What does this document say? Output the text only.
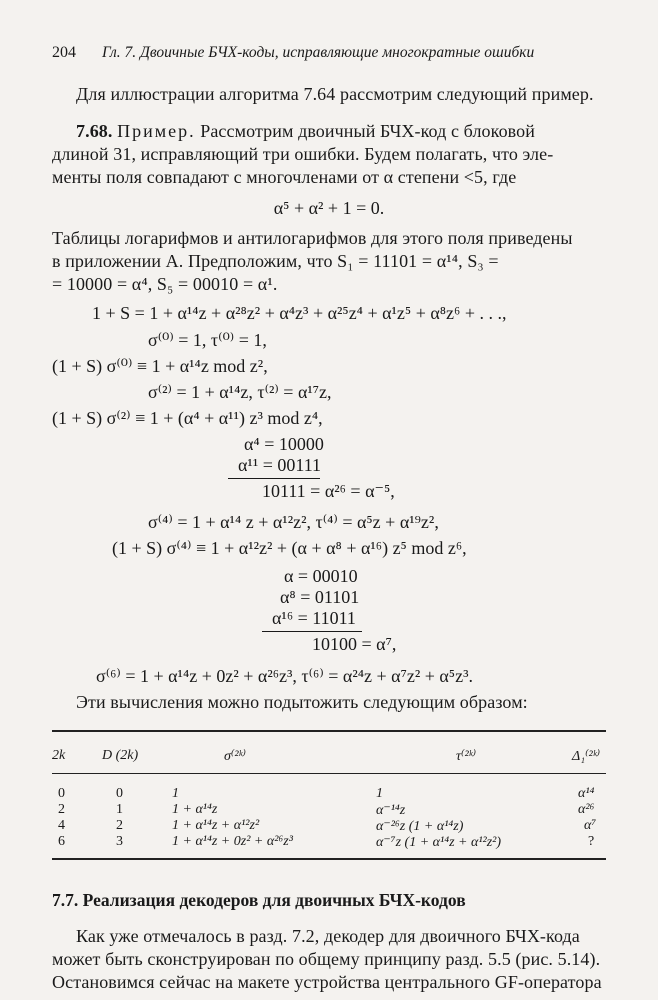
204 Гл. 7. Двоичные БЧХ-коды, исправляющие многократные ошибки
Для иллюстрации алгоритма 7.64 рассмотрим следующий пример.
7.68. Пример. Рассмотрим двоичный БЧХ-код с блоковой
длиной 31, исправляющий три ошибки. Будем полагать, что эле-
менты поля совпадают с многочленами от α степени <5, где
α⁵ + α² + 1 = 0.
Таблицы логарифмов и антилогарифмов для этого поля приведены
в приложении А. Предположим, что S₁ = 11101 = α¹⁴, S₃ =
= 10000 = α⁴, S₅ = 00010 = α¹.
1 + S = 1 + α¹⁴z + α²⁸z² + α⁴z³ + α²⁵z⁴ + α¹z⁵ + α⁸z⁶ + . . .,
σ⁽⁰⁾ = 1, τ⁽⁰⁾ = 1,
(1 + S) σ⁽⁰⁾ ≡ 1 + α¹⁴z mod z²,
σ⁽²⁾ = 1 + α¹⁴z, τ⁽²⁾ = α¹⁷z,
(1 + S) σ⁽²⁾ ≡ 1 + (α⁴ + α¹¹) z³ mod z⁴,
α⁴ = 10000
α¹¹ = 00111
10111 = α²⁶ = α⁻⁵,
σ⁽⁴⁾ = 1 + α¹⁴ z + α¹²z², τ⁽⁴⁾ = α⁵z + α¹⁹z²,
(1 + S) σ⁽⁴⁾ ≡ 1 + α¹²z² + (α + α⁸ + α¹⁶) z⁵ mod z⁶,
α = 00010
α⁸ = 01101
α¹⁶ = 11011
10100 = α⁷,
σ⁽⁶⁾ = 1 + α¹⁴z + 0z² + α²⁶z³, τ⁽⁶⁾ = α²⁴z + α⁷z² + α⁵z³.
Эти вычисления можно подытожить следующим образом:
2k	D (2k)	σ⁽²ᵏ⁾	τ⁽²ᵏ⁾	Δ₁⁽²ᵏ⁾
0	0	1	1	α¹⁴
2	1	1 + α¹⁴z	α⁻¹⁴z	α²⁶
4	2	1 + α¹⁴z + α¹²z²	α⁻²⁶z (1 + α¹⁴z)	α⁷
6	3	1 + α¹⁴z + 0z² + α²⁶z³	α⁻⁷z (1 + α¹⁴z + α¹²z²)	?
7.7. Реализация декодеров для двоичных БЧХ-кодов
Как уже отмечалось в разд. 7.2, декодер для двоичного БЧХ-кода
может быть сконструирован по общему принципу разд. 5.5 (рис. 5.14).
Остановимся сейчас на макете устройства центрального GF-оператора
